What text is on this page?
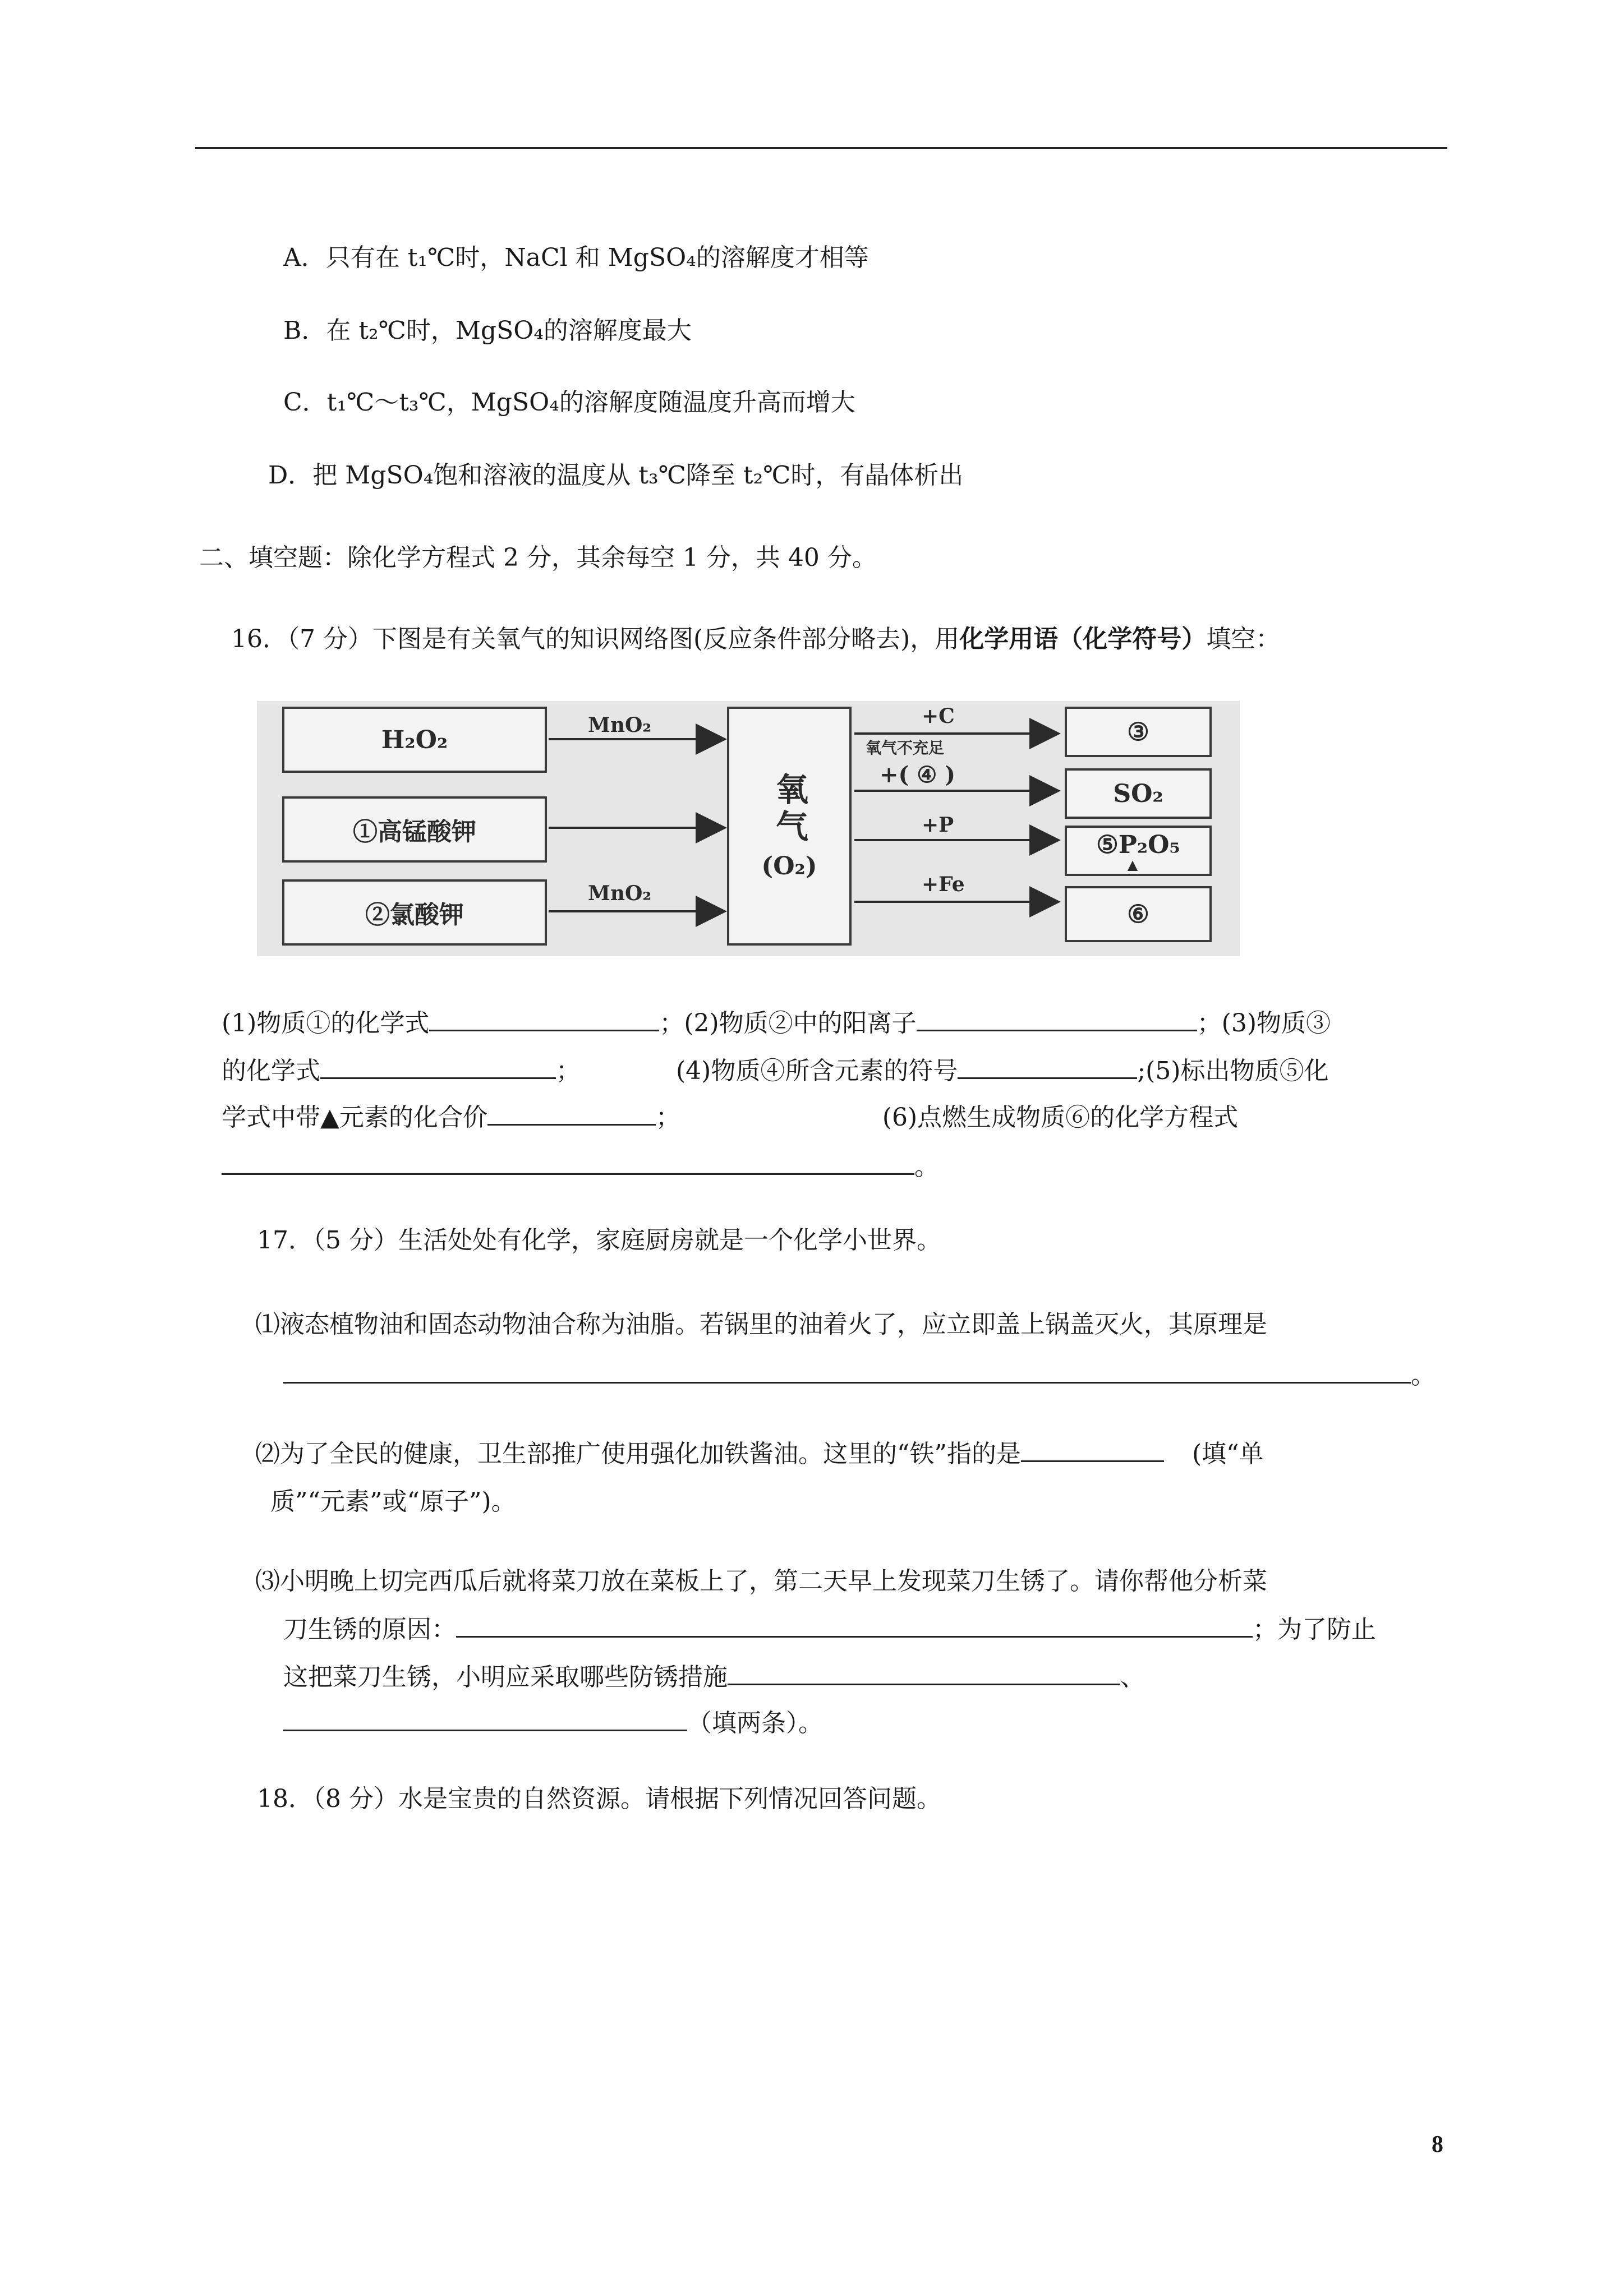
A．只有在 t₁℃时，NaCl 和 MgSO₄的溶解度才相等
B．在 t₂℃时，MgSO₄的溶解度最大
C．t₁℃～t₃℃，MgSO₄的溶解度随温度升高而增大
D．把 MgSO₄饱和溶液的温度从 t₃℃降至 t₂℃时，有晶体析出
二、填空题：除化学方程式 2 分，其余每空 1 分，共 40 分。
16．（7 分）下图是有关氧气的知识网络图(反应条件部分略去)，用化学用语（化学符号）填空：
H₂O₂
①高锰酸钾
②氯酸钾
MnO₂
MnO₂
氧气
(O₂)
+C
氧气不充足
+( ④ )
+P
+Fe
③
SO₂
⑤P₂O₅
▲
⑥
(1)物质①的化学式	；(2)物质②中的阳离子	；(3)物质③
的化学式	；	(4)物质④所含元素的符号	;(5)标出物质⑤化
学式中带▲元素的化合价	；	(6)点燃生成物质⑥的化学方程式
。
17．（5 分）生活处处有化学，家庭厨房就是一个化学小世界。
⑴液态植物油和固态动物油合称为油脂。若锅里的油着火了，应立即盖上锅盖灭火，其原理是
。
⑵为了全民的健康，卫生部推广使用强化加铁酱油。这里的“铁”指的是	(填“单
质”“元素”或“原子”)。
⑶小明晚上切完西瓜后就将菜刀放在菜板上了，第二天早上发现菜刀生锈了。请你帮他分析菜
刀生锈的原因：	；为了防止
这把菜刀生锈，小明应采取哪些防锈措施	、
（填两条）。
18．（8 分）水是宝贵的自然资源。请根据下列情况回答问题。
8
